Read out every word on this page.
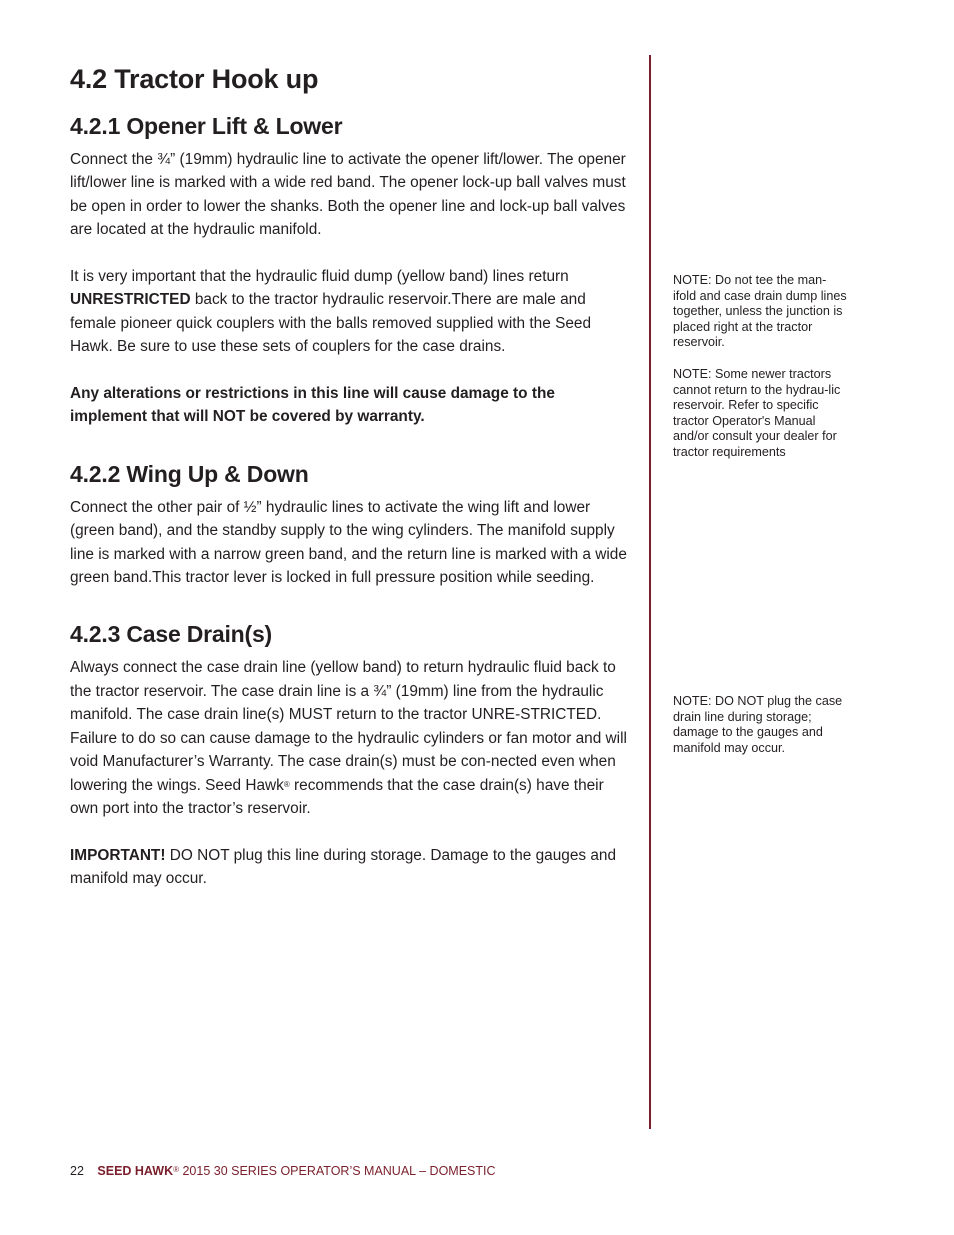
4.2 Tractor Hook up
4.2.1 Opener Lift & Lower

Connect the ¾” (19mm) hydraulic line to activate the opener lift/lower. The opener lift/lower line is marked with a wide red band. The opener lock-up ball valves must be open in order to lower the shanks. Both the opener line and lock-up ball valves are located at the hydraulic manifold.

It is very important that the hydraulic fluid dump (yellow band) lines return UNRESTRICTED back to the tractor hydraulic reservoir.There are male and female pioneer quick couplers with the balls removed supplied with the Seed Hawk. Be sure to use these sets of couplers for the case drains.

Any alterations or restrictions in this line will cause damage to the implement that will NOT be covered by warranty.

4.2.2 Wing Up & Down

Connect the other pair of ½” hydraulic lines to activate the wing lift and lower (green band), and the standby supply to the wing cylinders. The manifold supply line is marked with a narrow green band, and the return line is marked with a wide green band.This tractor lever is locked in full pressure position while seeding.

4.2.3 Case Drain(s)

Always connect the case drain line (yellow band) to return hydraulic fluid back to the tractor reservoir. The case drain line is a ¾” (19mm) line from the hydraulic manifold. The case drain line(s) MUST return to the tractor UNRE-STRICTED. Failure to do so can cause damage to the hydraulic cylinders or fan motor and will void Manufacturer’s Warranty. The case drain(s) must be con-nected even when lowering the wings. Seed Hawk® recommends that the case drain(s) have their own port into the tractor’s reservoir.

IMPORTANT! DO NOT plug this line during storage. Damage to the gauges and manifold may occur.

NOTE: Do not tee the man-ifold and case drain dump lines together, unless the junction is placed right at the tractor reservoir.

NOTE: Some newer tractors cannot return to the hydrau-lic reservoir. Refer to specific tractor Operator's Manual and/or consult your dealer for tractor requirements

NOTE: DO NOT plug the case drain line during storage; damage to the gauges and manifold may occur.

22 SEED HAWK® 2015 30 SERIES OPERATOR’S MANUAL – DOMESTIC
